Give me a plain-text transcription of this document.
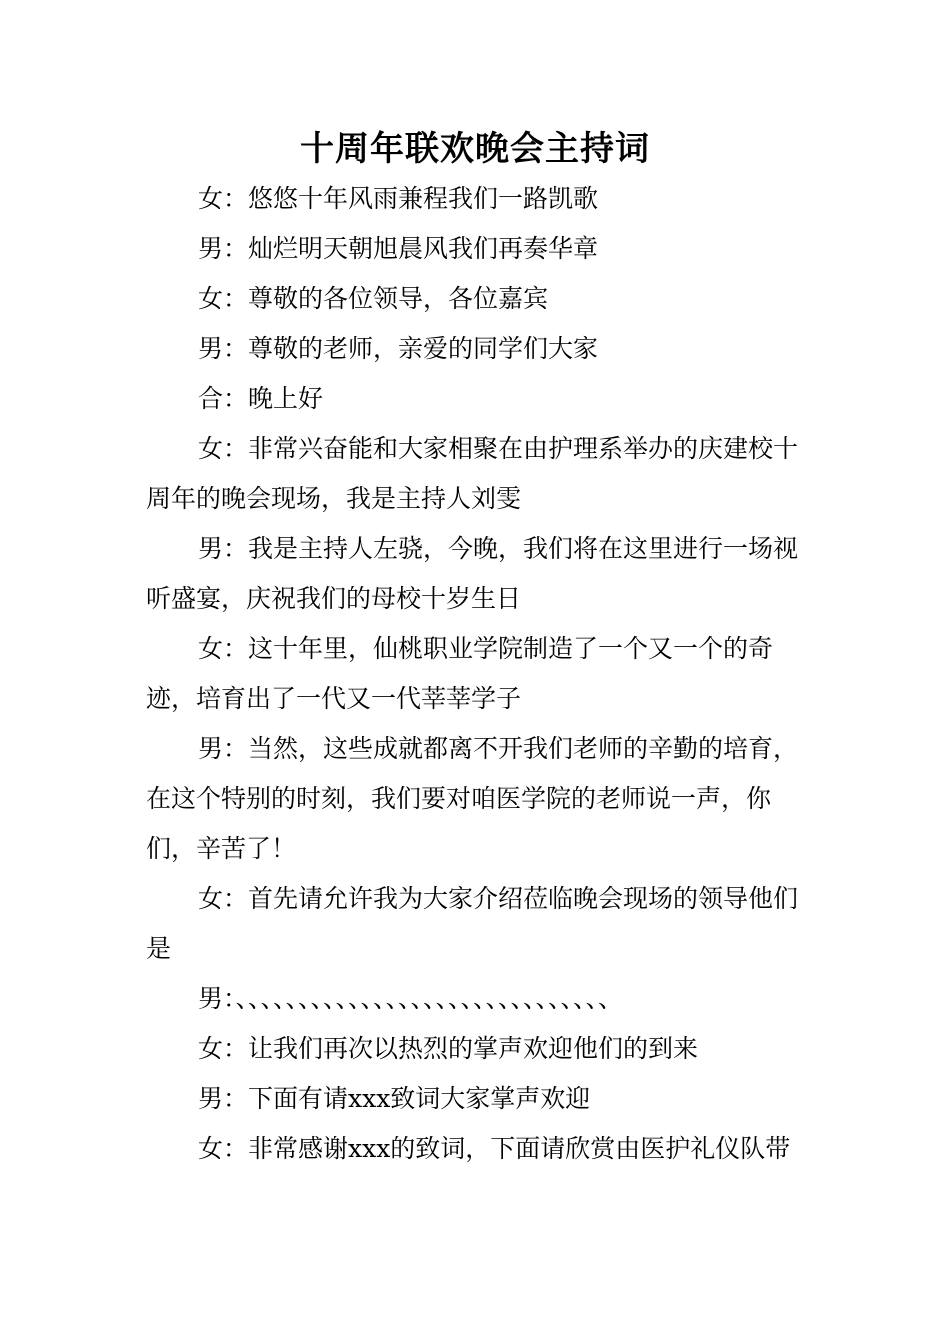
十周年联欢晚会主持词

女：悠悠十年风雨兼程我们一路凯歌

男：灿烂明天朝旭晨风我们再奏华章

女：尊敬的各位领导，各位嘉宾

男：尊敬的老师，亲爱的同学们大家

合：晚上好

女：非常兴奋能和大家相聚在由护理系举办的庆建校十周年的晚会现场，我是主持人刘雯

男：我是主持人左骁，今晚，我们将在这里进行一场视听盛宴，庆祝我们的母校十岁生日

女：这十年里，仙桃职业学院制造了一个又一个的奇迹，培育出了一代又一代莘莘学子

男：当然，这些成就都离不开我们老师的辛勤的培育，在这个特别的时刻，我们要对咱医学院的老师说一声，你们，辛苦了！

女：首先请允许我为大家介绍莅临晚会现场的领导他们是

男：、、、、、、、、、、、、、、、、、、、、、、、、、、、、、、

女：让我们再次以热烈的掌声欢迎他们的到来

男：下面有请xxx致词大家掌声欢迎

女：非常感谢xxx的致词，下面请欣赏由医护礼仪队带
